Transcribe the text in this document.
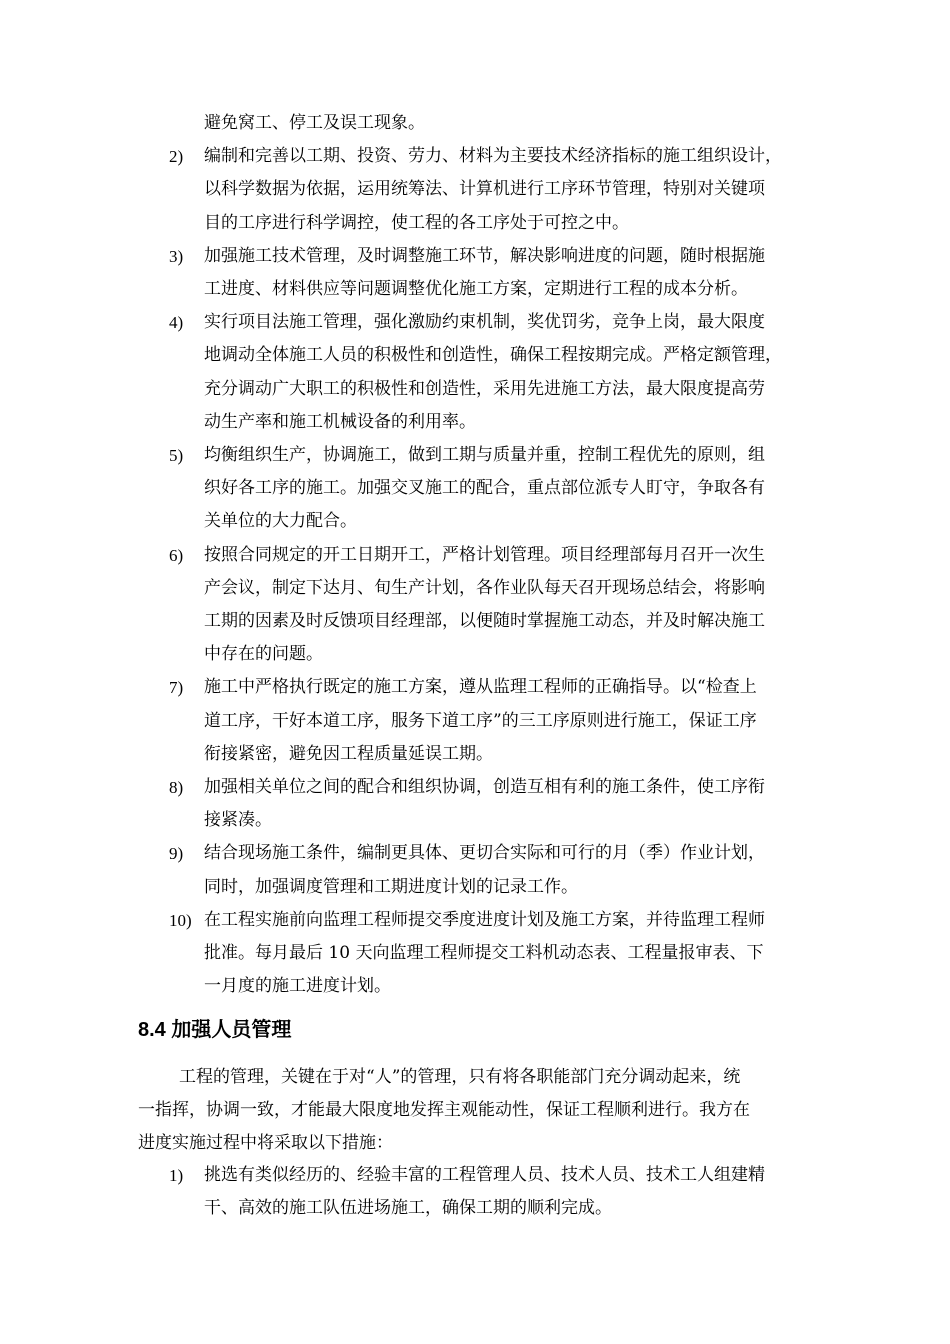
避免窝工、停工及误工现象。
2) 编制和完善以工期、投资、劳力、材料为主要技术经济指标的施工组织设计，
以科学数据为依据，运用统筹法、计算机进行工序环节管理，特别对关键项
目的工序进行科学调控，使工程的各工序处于可控之中。
3) 加强施工技术管理，及时调整施工环节，解决影响进度的问题，随时根据施
工进度、材料供应等问题调整优化施工方案，定期进行工程的成本分析。
4) 实行项目法施工管理，强化激励约束机制，奖优罚劣，竞争上岗，最大限度
地调动全体施工人员的积极性和创造性，确保工程按期完成。严格定额管理，
充分调动广大职工的积极性和创造性，采用先进施工方法，最大限度提高劳
动生产率和施工机械设备的利用率。
5) 均衡组织生产，协调施工，做到工期与质量并重，控制工程优先的原则，组
织好各工序的施工。加强交叉施工的配合，重点部位派专人盯守，争取各有
关单位的大力配合。
6) 按照合同规定的开工日期开工，严格计划管理。项目经理部每月召开一次生
产会议，制定下达月、旬生产计划，各作业队每天召开现场总结会，将影响
工期的因素及时反馈项目经理部，以便随时掌握施工动态，并及时解决施工
中存在的问题。
7) 施工中严格执行既定的施工方案，遵从监理工程师的正确指导。以“检查上
道工序，干好本道工序，服务下道工序”的三工序原则进行施工，保证工序
衔接紧密，避免因工程质量延误工期。
8) 加强相关单位之间的配合和组织协调，创造互相有利的施工条件，使工序衔
接紧凑。
9) 结合现场施工条件，编制更具体、更切合实际和可行的月（季）作业计划，
同时，加强调度管理和工期进度计划的记录工作。
10) 在工程实施前向监理工程师提交季度进度计划及施工方案，并待监理工程师
批准。每月最后 10 天向监理工程师提交工料机动态表、工程量报审表、下
一月度的施工进度计划。
8.4 加强人员管理
工程的管理，关键在于对“人”的管理，只有将各职能部门充分调动起来，统
一指挥，协调一致，才能最大限度地发挥主观能动性，保证工程顺利进行。我方在
进度实施过程中将采取以下措施：
1) 挑选有类似经历的、经验丰富的工程管理人员、技术人员、技术工人组建精
干、高效的施工队伍进场施工，确保工期的顺利完成。
